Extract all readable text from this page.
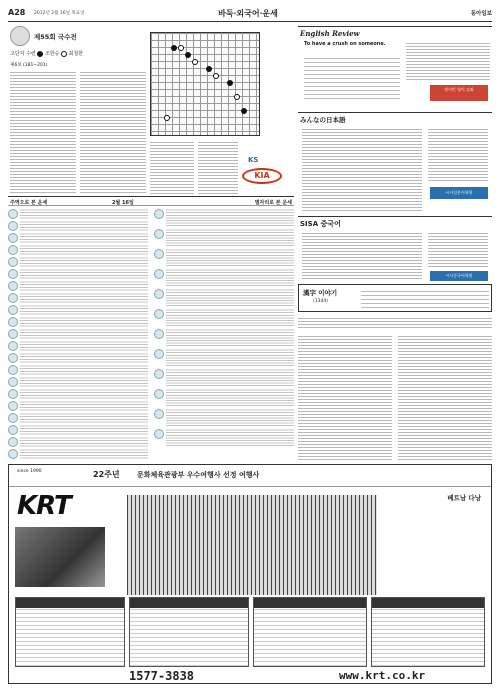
A28 2012년 2월 16일 목요일	바둑·외국어·운세	동아일보
제55회 국수전
고단자 수련 조한승 최철한
제6보 (181~201)
KS
KIA
주역으로 본 운세	2월 16일	별자리로 본 운세
English Review
To have a crush on someone.
원어민 영어 강좌
みんなの日本語
시사일본어학원
SISA 중국어
시사중국어학원
漢字 이야기
(1344)
since 1990	22주년 문화체육관광부 우수여행사 선정 여행사
KRT	베트남 다낭
1577-3838	www.krt.co.kr
